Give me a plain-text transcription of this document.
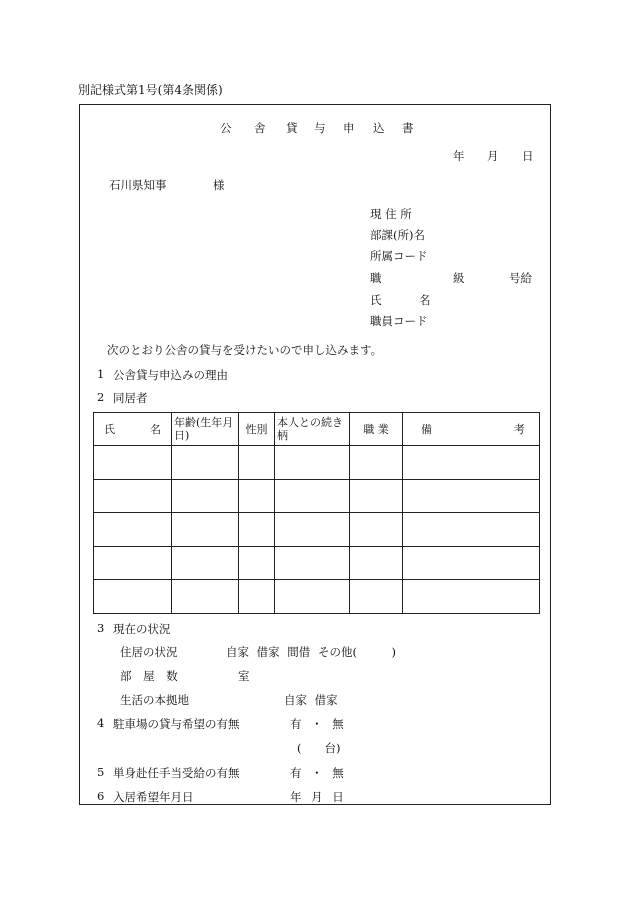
別記様式第1号(第4条関係)
公 舎 貸 与 申 込 書
年 月 日
石川県知事	様
現 住 所
部課(所)名
所属コード
職	級	号給
氏	名
職員コード
次のとおり公舎の貸与を受けたいので申し込みます。
1 公舎貸与申込みの理由
2 同居者
氏 名	年齢(生年月日)	性別	本人との続き柄	職 業	備 考

3 現在の状況
住居の状況	自家 借家 間借 その他(　　　)
部 屋 数	室
生活の本拠地	自家 借家
4 駐車場の貸与希望の有無	有 ・ 無
(　　台)
5 単身赴任手当受給の有無	有 ・ 無
6 入居希望年月日	年 月 日
